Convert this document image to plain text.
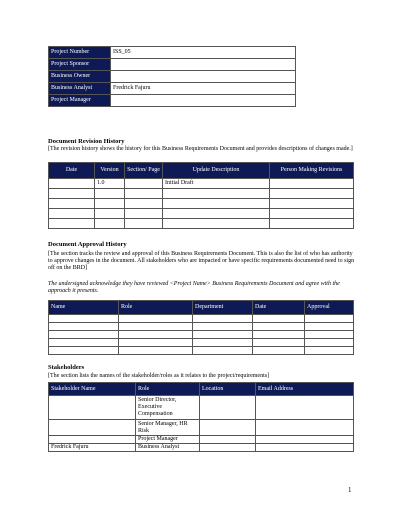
Project Number	ISS_05
Project Sponsor	
Business Owner	
Business Analyst	Fredrick Fajuru
Project Manager	
Document Revision History
[The revision history shows the history for this Business Requirements Document and provides descriptions of changes made.]
Date	Version	Section/ Page	Update Description	Person Making Revisions
	1.0		Initial Draft	

Document Approval History
[The section tracks the review and approval of this Business Requirements Document. This is also the list of who has authority to approve changes in the document. All stakeholders who are impacted or have specific requirements documented need to sign off on the BRD]
The undersigned acknowledge they have reviewed <Project Name> Business Requirements Document and agree with the approach it presents.
Name	Role	Department	Date	Approval

Stakeholders
[The section lists the names of the stakeholder/roles as it relates to the project/requirements]
Stakeholder Name	Role	Location	Email Address
	Senior Director, Executive Compensation		
	Senior Manager, HR Risk		
	Project Manager		
Fredrick Fajuru	Business Analyst		
1
